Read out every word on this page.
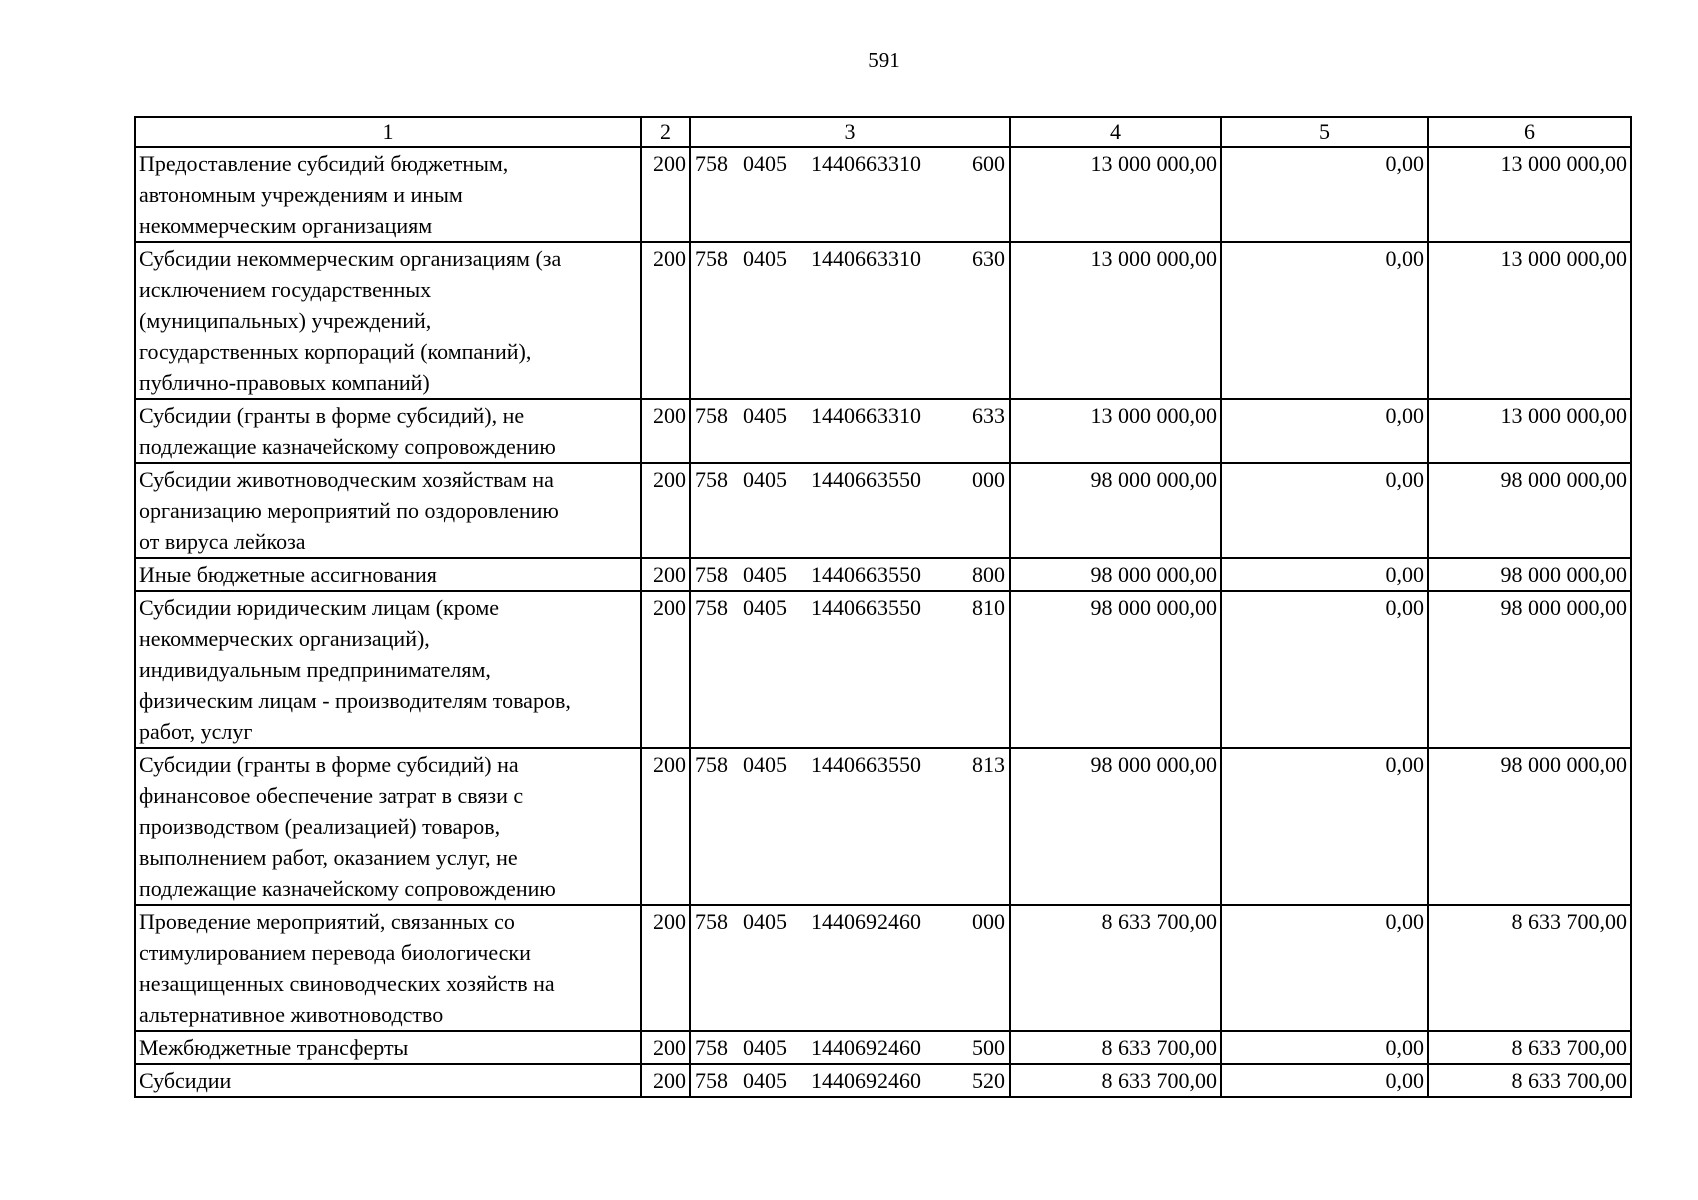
591
1	2	3	4	5	6

Предоставление субсидий бюджетным,
автономным учреждениям и иным
некоммерческим организациям	200	758 0405 1440663310 600	13 000 000,00	0,00	13 000 000,00

Субсидии некоммерческим организациям (за
исключением государственных
(муниципальных) учреждений,
государственных корпораций (компаний),
публично-правовых компаний)	200	758 0405 1440663310 630	13 000 000,00	0,00	13 000 000,00

Субсидии (гранты в форме субсидий), не
подлежащие казначейскому сопровождению	200	758 0405 1440663310 633	13 000 000,00	0,00	13 000 000,00

Субсидии животноводческим хозяйствам на
организацию мероприятий по оздоровлению
от вируса лейкоза	200	758 0405 1440663550 000	98 000 000,00	0,00	98 000 000,00

Иные бюджетные ассигнования	200	758 0405 1440663550 800	98 000 000,00	0,00	98 000 000,00

Субсидии юридическим лицам (кроме
некоммерческих организаций),
индивидуальным предпринимателям,
физическим лицам - производителям товаров,
работ, услуг	200	758 0405 1440663550 810	98 000 000,00	0,00	98 000 000,00

Субсидии (гранты в форме субсидий) на
финансовое обеспечение затрат в связи с
производством (реализацией) товаров,
выполнением работ, оказанием услуг, не
подлежащие казначейскому сопровождению	200	758 0405 1440663550 813	98 000 000,00	0,00	98 000 000,00

Проведение мероприятий, связанных со
стимулированием перевода биологически
незащищенных свиноводческих хозяйств на
альтернативное животноводство	200	758 0405 1440692460 000	8 633 700,00	0,00	8 633 700,00

Межбюджетные трансферты	200	758 0405 1440692460 500	8 633 700,00	0,00	8 633 700,00

Субсидии	200	758 0405 1440692460 520	8 633 700,00	0,00	8 633 700,00
